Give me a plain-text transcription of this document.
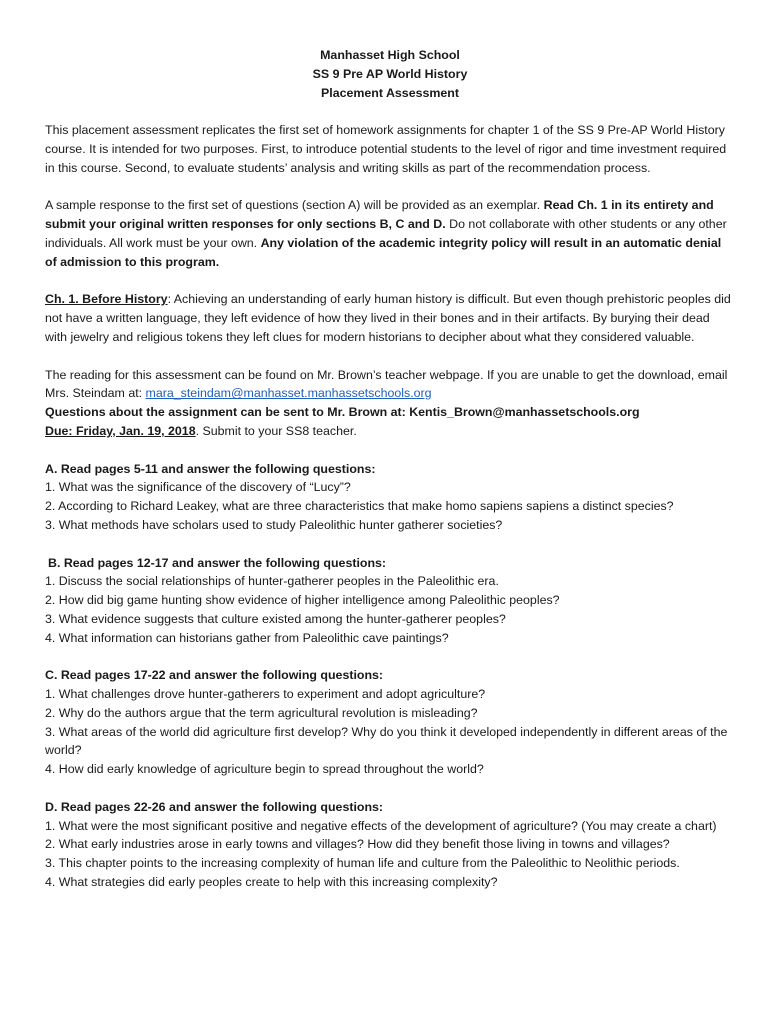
Manhasset High School
SS 9 Pre AP World History
Placement Assessment

This placement assessment replicates the first set of homework assignments for chapter 1 of the SS 9 Pre-AP World History course. It is intended for two purposes. First, to introduce potential students to the level of rigor and time investment required in this course. Second, to evaluate students’ analysis and writing skills as part of the recommendation process.

A sample response to the first set of questions (section A) will be provided as an exemplar. Read Ch. 1 in its entirety and submit your original written responses for only sections B, C and D. Do not collaborate with other students or any other individuals. All work must be your own. Any violation of the academic integrity policy will result in an automatic denial of admission to this program.

Ch. 1. Before History: Achieving an understanding of early human history is difficult. But even though prehistoric peoples did not have a written language, they left evidence of how they lived in their bones and in their artifacts. By burying their dead with jewelry and religious tokens they left clues for modern historians to decipher about what they considered valuable.

The reading for this assessment can be found on Mr. Brown’s teacher webpage. If you are unable to get the download, email Mrs. Steindam at: mara_steindam@manhasset.manhassetschools.org

Questions about the assignment can be sent to Mr. Brown at: Kentis_Brown@manhassetschools.org

Due: Friday, Jan. 19, 2018. Submit to your SS8 teacher.

A. Read pages 5-11 and answer the following questions:

1. What was the significance of the discovery of “Lucy”?

2. According to Richard Leakey, what are three characteristics that make homo sapiens sapiens a distinct species?

3. What methods have scholars used to study Paleolithic hunter gatherer societies?

B. Read pages 12-17 and answer the following questions:

1. Discuss the social relationships of hunter-gatherer peoples in the Paleolithic era.

2. How did big game hunting show evidence of higher intelligence among Paleolithic peoples?

3. What evidence suggests that culture existed among the hunter-gatherer peoples?

4. What information can historians gather from Paleolithic cave paintings?

C. Read pages 17-22 and answer the following questions:

1. What challenges drove hunter-gatherers to experiment and adopt agriculture?

2. Why do the authors argue that the term agricultural revolution is misleading?

3. What areas of the world did agriculture first develop? Why do you think it developed independently in different areas of the world?

4. How did early knowledge of agriculture begin to spread throughout the world?

D. Read pages 22-26 and answer the following questions:

1. What were the most significant positive and negative effects of the development of agriculture? (You may create a chart)

2. What early industries arose in early towns and villages? How did they benefit those living in towns and villages?

3. This chapter points to the increasing complexity of human life and culture from the Paleolithic to Neolithic periods.

4. What strategies did early peoples create to help with this increasing complexity?
